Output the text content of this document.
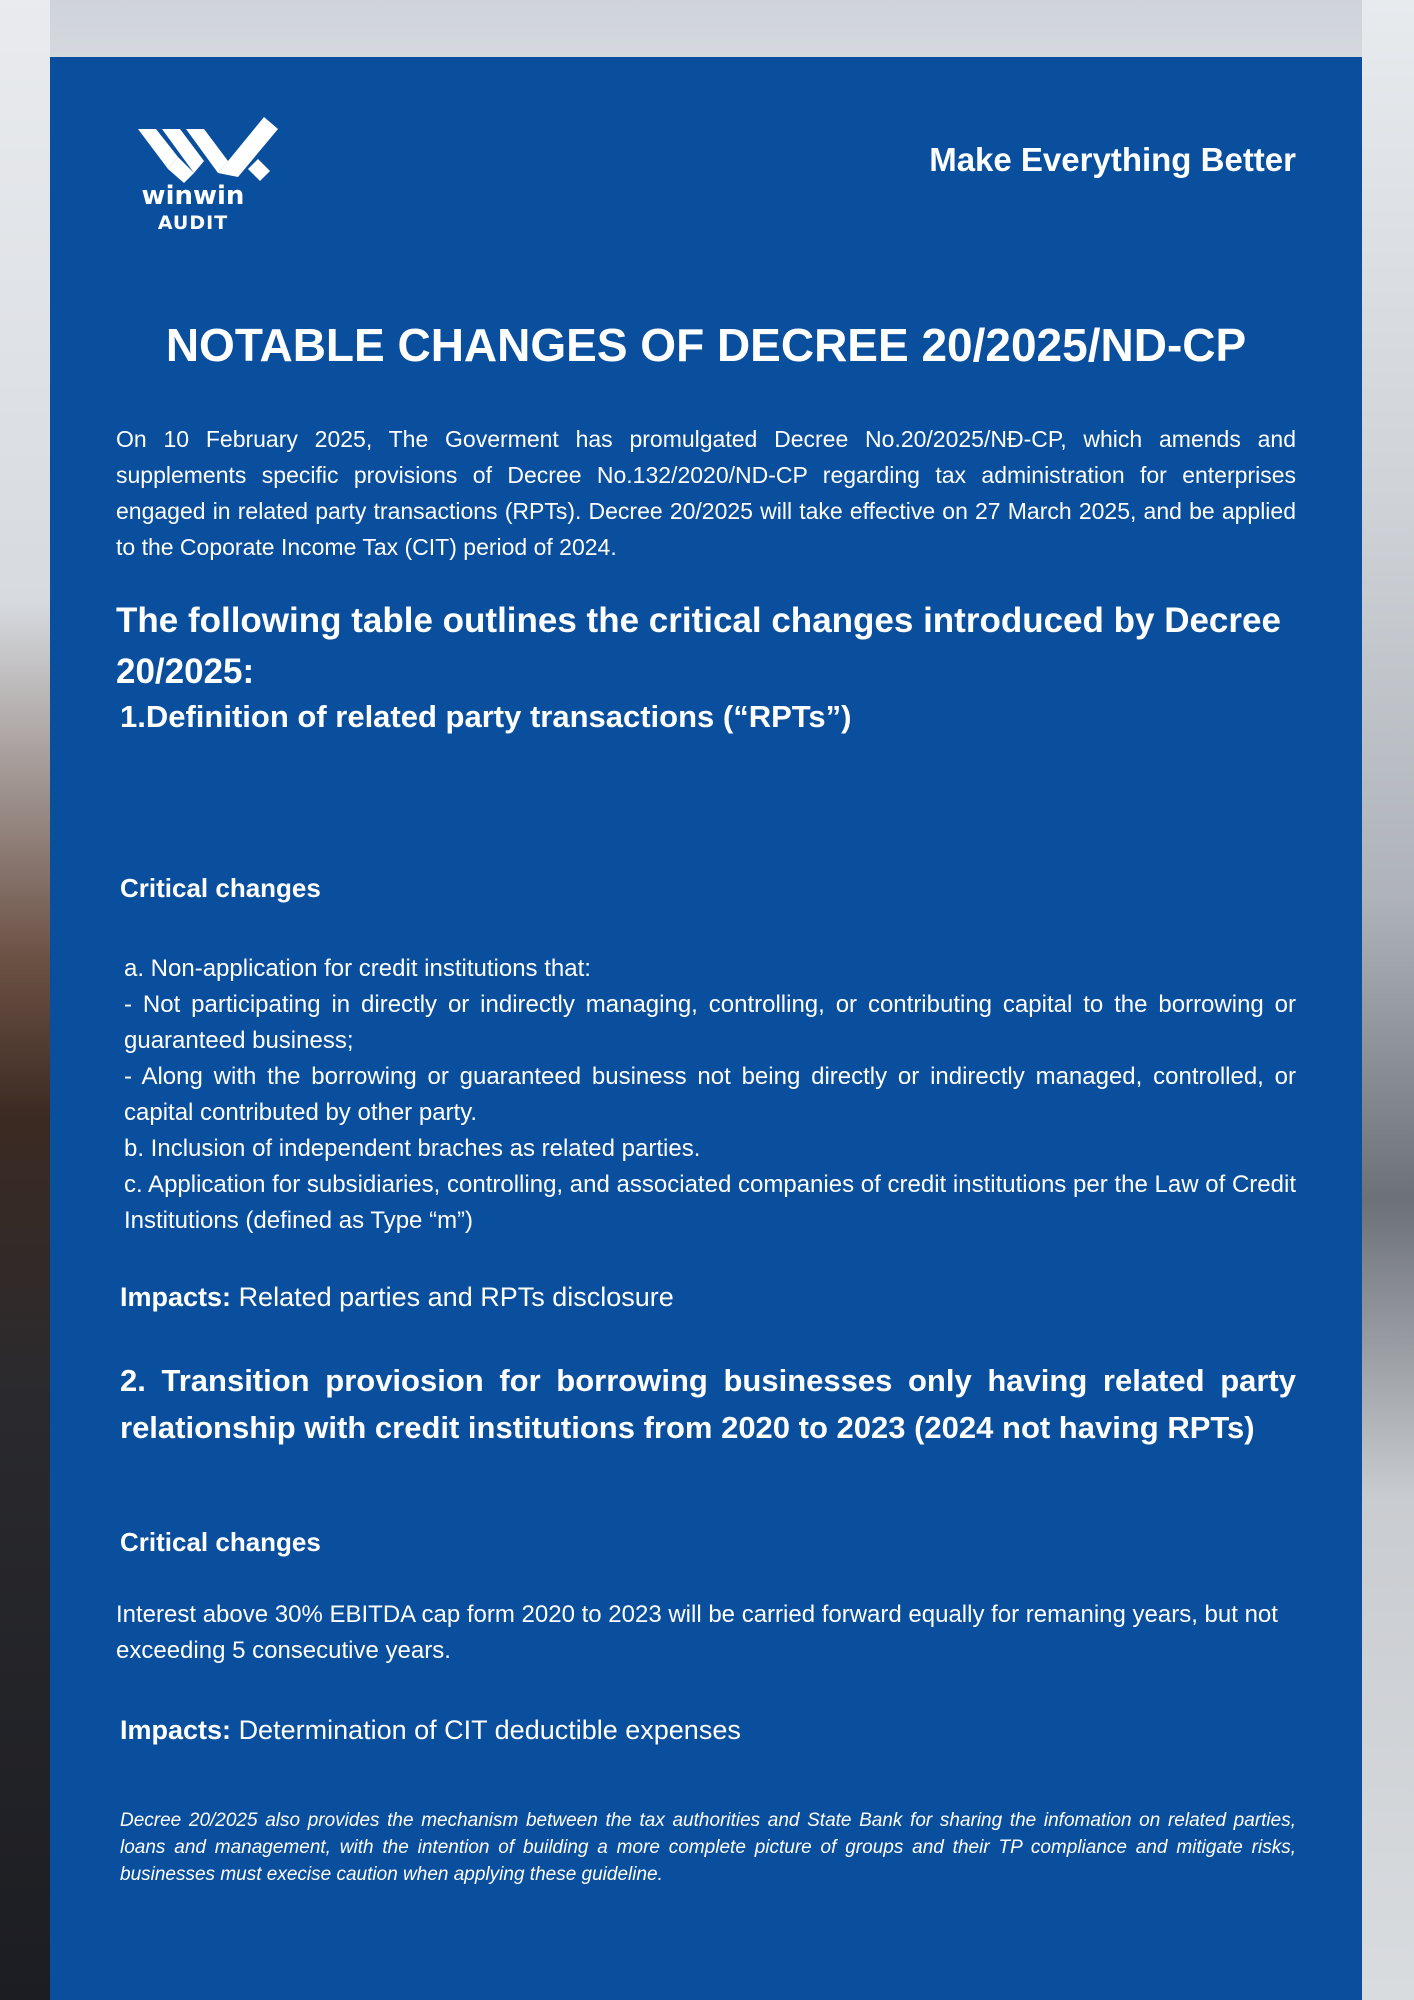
winwin
AUDIT
Make Everything Better
NOTABLE CHANGES OF DECREE 20/2025/ND-CP
On 10 February 2025, The Goverment has promulgated Decree No.20/2025/NĐ-CP, which amends and supplements specific provisions of Decree No.132/2020/ND-CP regarding tax administration for enterprises engaged in related party transactions (RPTs). Decree 20/2025 will take effective on 27 March 2025, and be applied to the Coporate Income Tax (CIT) period of 2024.
The following table outlines the critical changes introduced by Decree 20/2025:
1.Definition of related party transactions (“RPTs”)
Critical changes

a. Non-application for credit institutions that:

- Not participating in directly or indirectly managing, controlling, or contributing capital to the borrowing or guaranteed business;

- Along with the borrowing or guaranteed business not being directly or indirectly managed, controlled, or capital contributed by other party.

b. Inclusion of independent braches as related parties.

c. Application for subsidiaries, controlling, and associated companies of credit institutions per the Law of Credit Institutions (defined as Type “m”)

Impacts: Related parties and RPTs disclosure
2. Transition proviosion for borrowing businesses only having related party relationship with credit institutions from 2020 to 2023 (2024 not having RPTs)
Critical changes
Interest above 30% EBITDA cap form 2020 to 2023 will be carried forward equally for remaning years, but not exceeding 5 consecutive years.
Impacts: Determination of CIT deductible expenses
Decree 20/2025 also provides the mechanism between the tax authorities and State Bank for sharing the infomation on related parties, loans and management, with the intention of building a more complete picture of groups and their TP compliance and mitigate risks, businesses must execise caution when applying these guideline.
